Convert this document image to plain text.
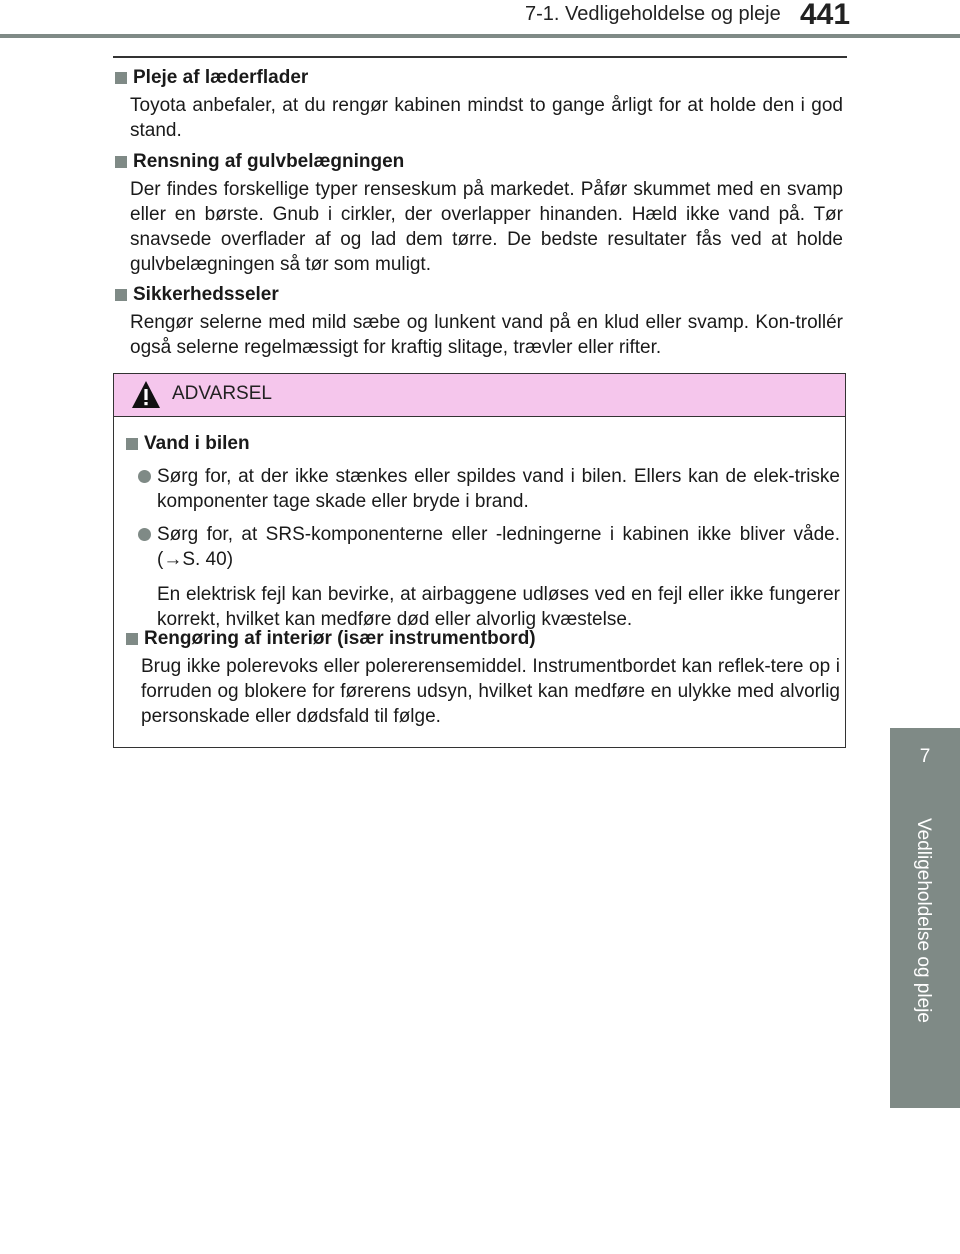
7-1. Vedligeholdelse og pleje 441
7
Vedligeholdelse og pleje
Pleje af læderflader
Toyota anbefaler, at du rengør kabinen mindst to gange årligt for at holde den i god stand.
Rensning af gulvbelægningen
Der findes forskellige typer renseskum på markedet. Påfør skummet med en svamp eller en børste. Gnub i cirkler, der overlapper hinanden. Hæld ikke vand på. Tør snavsede overflader af og lad dem tørre. De bedste resultater fås ved at holde gulvbelægningen så tør som muligt.
Sikkerhedsseler
Rengør selerne med mild sæbe og lunkent vand på en klud eller svamp. Kon-trollér også selerne regelmæssigt for kraftig slitage, trævler eller rifter.
ADVARSEL
Vand i bilen
Sørg for, at der ikke stænkes eller spildes vand i bilen. Ellers kan de elek-triske komponenter tage skade eller bryde i brand.
Sørg for, at SRS-komponenterne eller -ledningerne i kabinen ikke bliver våde. (→S. 40)
En elektrisk fejl kan bevirke, at airbaggene udløses ved en fejl eller ikke fungerer korrekt, hvilket kan medføre død eller alvorlig kvæstelse.
Rengøring af interiør (især instrumentbord)
Brug ikke polerevoks eller polererensemiddel. Instrumentbordet kan reflek-tere op i forruden og blokere for førerens udsyn, hvilket kan medføre en ulykke med alvorlig personskade eller dødsfald til følge.
